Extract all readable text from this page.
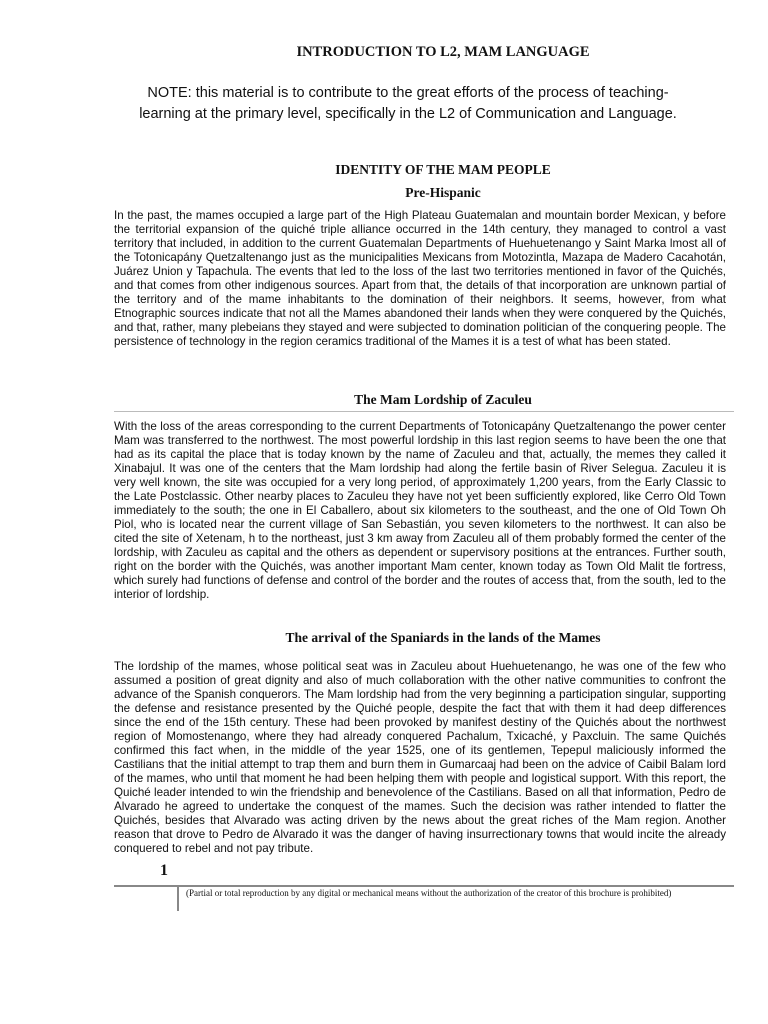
INTRODUCTION TO L2, MAM LANGUAGE
NOTE: this material is to contribute to the great efforts of the process of teaching-learning at the primary level, specifically in the L2 of Communication and Language.
IDENTITY OF THE MAM PEOPLE
Pre-Hispanic

In the past, the mames occupied a large part of the High Plateau Guatemalan and mountain border Mexican, y before the territorial expansion of the quiché triple alliance occurred in the 14th century, they managed to control a vast territory that included, in addition to the current Guatemalan Departments of Huehuetenango y Saint Marka lmost all of the Totonicapány Quetzaltenango just as the municipalities Mexicans from Motozintla, Mazapa de Madero Cacahotán, Juárez Union y Tapachula. The events that led to the loss of the last two territories mentioned in favor of the Quichés, and that comes from other indigenous sources. Apart from that, the details of that incorporation are unknown partial of the territory and of the mame inhabitants to the domination of their neighbors. It seems, however, from what Etnographic sources indicate that not all the Mames abandoned their lands when they were conquered by the Quichés, and that, rather, many plebeians they stayed and were subjected to domination politician of the conquering people. The persistence of technology in the region ceramics traditional of the Mames it is a test of what has been stated.

The Mam Lordship of Zaculeu

With the loss of the areas corresponding to the current Departments of Totonicapány Quetzaltenango the power center Mam was transferred to the northwest. The most powerful lordship in this last region seems to have been the one that had as its capital the place that is today known by the name of Zaculeu and that, actually, the memes they called it Xinabajul. It was one of the centers that the Mam lordship had along the fertile basin of River Selegua. Zaculeu it is very well known, the site was occupied for a very long period, of approximately 1,200 years, from the Early Classic to the Late Postclassic. Other nearby places to Zaculeu they have not yet been sufficiently explored, like Cerro Old Town immediately to the south; the one in El Caballero, about six kilometers to the southeast, and the one of Old Town Oh Piol, who is located near the current village of San Sebastián, you seven kilometers to the northwest. It can also be cited the site of Xetenam, h to the northeast, just 3 km away from Zaculeu all of them probably formed the center of the lordship, with Zaculeu as capital and the others as dependent or supervisory positions at the entrances. Further south, right on the border with the Quichés, was another important Mam center, known today as Town Old Malit tle fortress, which surely had functions of defense and control of the border and the routes of access that, from the south, led to the interior of lordship.

The arrival of the Spaniards in the lands of the Mames

The lordship of the mames, whose political seat was in Zaculeu about Huehuetenango, he was one of the few who assumed a position of great dignity and also of much collaboration with the other native communities to confront the advance of the Spanish conquerors. The Mam lordship had from the very beginning a participation singular, supporting the defense and resistance presented by the Quiché people, despite the fact that with them it had deep differences since the end of the 15th century. These had been provoked by manifest destiny of the Quichés about the northwest region of Momostenango, where they had already conquered Pachalum, Txicaché, y Paxcluin. The same Quichés confirmed this fact when, in the middle of the year 1525, one of its gentlemen, Tepepul maliciously informed the Castilians that the initial attempt to trap them and burn them in Gumarcaaj had been on the advice of Caibil Balam lord of the mames, who until that moment he had been helping them with people and logistical support. With this report, the Quiché leader intended to win the friendship and benevolence of the Castilians. Based on all that information, Pedro de Alvarado he agreed to undertake the conquest of the mames. Such the decision was rather intended to flatter the Quichés, besides that Alvarado was acting driven by the news about the great riches of the Mam region. Another reason that drove to Pedro de Alvarado it was the danger of having insurrectionary towns that would incite the already conquered to rebel and not pay tribute.

1
(Partial or total reproduction by any digital or mechanical means without the authorization of the creator of this brochure is prohibited)
